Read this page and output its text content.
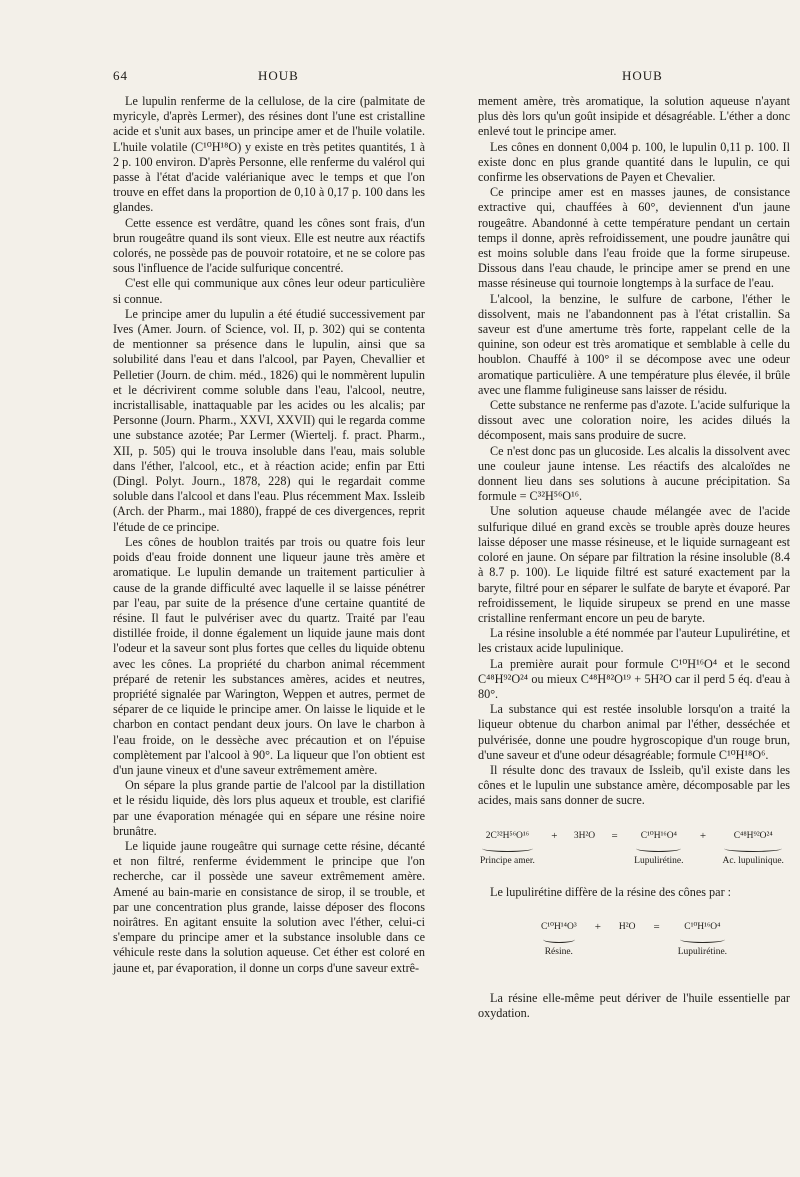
64	HOUB	HOUB

Le lupulin renferme de la cellulose, de la cire (palmitate de myricyle, d'après Lermer), des résines dont l'une est cristalline acide et s'unit aux bases, un principe amer et de l'huile volatile. L'huile volatile (C¹⁰H¹⁸O) y existe en très petites quantités, 1 à 2 p. 100 environ. D'après Personne, elle renferme du valérol qui passe à l'état d'acide valérianique avec le temps et que l'on trouve en effet dans la proportion de 0,10 à 0,17 p. 100 dans les glandes.

Cette essence est verdâtre, quand les cônes sont frais, d'un brun rougeâtre quand ils sont vieux. Elle est neutre aux réactifs colorés, ne possède pas de pouvoir rotatoire, et ne se colore pas sous l'influence de l'acide sulfurique concentré.

C'est elle qui communique aux cônes leur odeur particulière si connue.

Le principe amer du lupulin a été étudié successivement par Ives (Amer. Journ. of Science, vol. II, p. 302) qui se contenta de mentionner sa présence dans le lupulin, ainsi que sa solubilité dans l'eau et dans l'alcool, par Payen, Chevallier et Pelletier (Journ. de chim. méd., 1826) qui le nommèrent lupulin et le décrivirent comme soluble dans l'eau, l'alcool, neutre, incristallisable, inattaquable par les acides ou les alcalis; par Personne (Journ. Pharm., XXVI, XXVII) qui le regarda comme une substance azotée; Par Lermer (Wiertelj. f. pract. Pharm., XII, p. 505) qui le trouva insoluble dans l'eau, mais soluble dans l'éther, l'alcool, etc., et à réaction acide; enfin par Etti (Dingl. Polyt. Journ., 1878, 228) qui le regardait comme soluble dans l'alcool et dans l'eau. Plus récemment Max. Issleib (Arch. der Pharm., mai 1880), frappé de ces divergences, reprit l'étude de ce principe.

Les cônes de houblon traités par trois ou quatre fois leur poids d'eau froide donnent une liqueur jaune très amère et aromatique. Le lupulin demande un traitement particulier à cause de la grande difficulté avec laquelle il se laisse pénétrer par l'eau, par suite de la présence d'une certaine quantité de résine. Il faut le pulvériser avec du quartz. Traité par l'eau distillée froide, il donne également un liquide jaune mais dont l'odeur et la saveur sont plus fortes que celles du liquide obtenu avec les cônes. La propriété du charbon animal récemment préparé de retenir les substances amères, acides et neutres, propriété signalée par Warington, Weppen et autres, permet de séparer de ce liquide le principe amer. On laisse le liquide et le charbon en contact pendant deux jours. On lave le charbon à l'eau froide, on le dessèche avec précaution et on l'épuise complètement par l'alcool à 90°. La liqueur que l'on obtient est d'un jaune vineux et d'une saveur extrêmement amère.

On sépare la plus grande partie de l'alcool par la distillation et le résidu liquide, dès lors plus aqueux et trouble, est clarifié par une évaporation ménagée qui en sépare une résine noire brunâtre.

Le liquide jaune rougeâtre qui surnage cette résine, décanté et non filtré, renferme évidemment le principe que l'on recherche, car il possède une saveur extrêmement amère. Amené au bain-marie en consistance de sirop, il se trouble, et par une concentration plus grande, laisse déposer des flocons noirâtres. En agitant ensuite la solution avec l'éther, celui-ci s'empare du principe amer et la substance insoluble dans ce véhicule reste dans la solution aqueuse. Cet éther est coloré en jaune et, par évaporation, il donne un corps d'une saveur extrê-

mement amère, très aromatique, la solution aqueuse n'ayant plus dès lors qu'un goût insipide et désagréable. L'éther a donc enlevé tout le principe amer.

Les cônes en donnent 0,004 p. 100, le lupulin 0,11 p. 100. Il existe donc en plus grande quantité dans le lupulin, ce qui confirme les observations de Payen et Chevalier.

Ce principe amer est en masses jaunes, de consistance extractive qui, chauffées à 60°, deviennent d'un jaune rougeâtre. Abandonné à cette température pendant un certain temps il donne, après refroidissement, une poudre jaunâtre qui est moins soluble dans l'eau froide que la forme sirupeuse. Dissous dans l'eau chaude, le principe amer se prend en une masse résineuse qui tournoie longtemps à la surface de l'eau.

L'alcool, la benzine, le sulfure de carbone, l'éther le dissolvent, mais ne l'abandonnent pas à l'état cristallin. Sa saveur est d'une amertume très forte, rappelant celle de la quinine, son odeur est très aromatique et semblable à celle du houblon. Chauffé à 100° il se décompose avec une odeur aromatique particulière. A une température plus élevée, il brûle avec une flamme fuligineuse sans laisser de résidu.

Cette substance ne renferme pas d'azote. L'acide sulfurique la dissout avec une coloration noire, les acides dilués la décomposent, mais sans produire de sucre.

Ce n'est donc pas un glucoside. Les alcalis la dissolvent avec une couleur jaune intense. Les réactifs des alcaloïdes ne donnent lieu dans ses solutions à aucune précipitation. Sa formule = C³²H⁵⁶O¹⁶.

Une solution aqueuse chaude mélangée avec de l'acide sulfurique dilué en grand excès se trouble après douze heures laisse déposer une masse résineuse, et le liquide surnageant est coloré en jaune. On sépare par filtration la résine insoluble (8.4 à 8.7 p. 100). Le liquide filtré est saturé exactement par la baryte, filtré pour en séparer le sulfate de baryte et évaporé. Par refroidissement, le liquide sirupeux se prend en une masse cristalline renfermant encore un peu de baryte.

La résine insoluble a été nommée par l'auteur Lupulirétine, et les cristaux acide lupulinique.

La première aurait pour formule C¹⁰H¹⁶O⁴ et le second C⁴⁸H⁹²O²⁴ ou mieux C⁴⁸H⁸²O¹⁹ + 5H²O car il perd 5 éq. d'eau à 80°.

La substance qui est restée insoluble lorsqu'on a traité la liqueur obtenue du charbon animal par l'éther, desséchée et pulvérisée, donne une poudre hygroscopique d'un rouge brun, d'une saveur et d'une odeur désagréable; formule C¹⁰H¹⁸O⁶.

Il résulte donc des travaux de Issleib, qu'il existe dans les cônes et le lupulin une substance amère, décomposable par les acides, mais sans donner de sucre.

2C³²H⁵⁶O¹⁶
Principe amer.
+ 3H²O =	C¹⁰H¹⁶O⁴
Lupulirétine.
+	C⁴⁸H⁹²O²⁴
Ac. lupulinique.

Le lupulirétine diffère de la résine des cônes par :

C¹⁰H¹⁴O³
Résine.
+ H²O =	C¹⁰H¹⁶O⁴
Lupulirétine.

La résine elle-même peut dériver de l'huile essentielle par oxydation.
